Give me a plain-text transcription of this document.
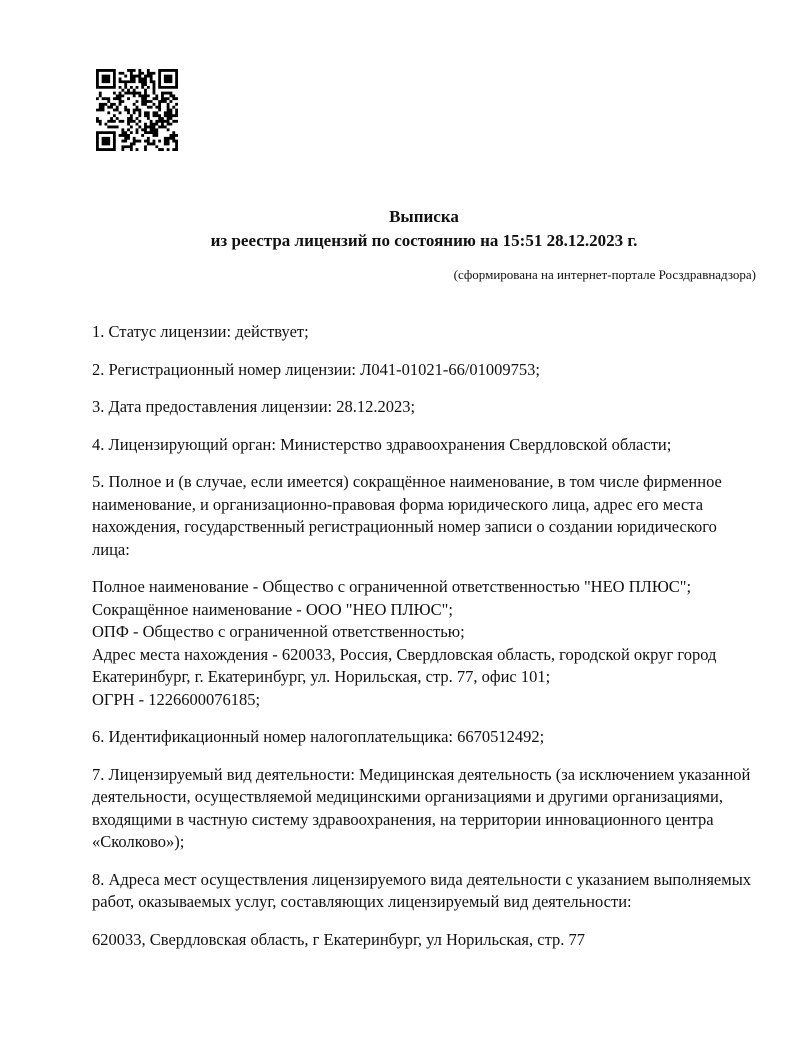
Выписка
из реестра лицензий по состоянию на 15:51 28.12.2023 г.
(сформирована на интернет-портале Росздравнадзора)

1. Статус лицензии: действует;

2. Регистрационный номер лицензии: Л041-01021-66/01009753;

3. Дата предоставления лицензии: 28.12.2023;

4. Лицензирующий орган: Министерство здравоохранения Свердловской области;

5. Полное и (в случае, если имеется) сокращённое наименование, в том числе фирменное наименование, и организационно-правовая форма юридического лица, адрес его места нахождения, государственный регистрационный номер записи о создании юридического лица:

Полное наименование - Общество с ограниченной ответственностью "НЕО ПЛЮС";
Сокращённое наименование - ООО "НЕО ПЛЮС";
ОПФ - Общество с ограниченной ответственностью;
Адрес места нахождения - 620033, Россия, Свердловская область, городской округ город Екатеринбург, г. Екатеринбург, ул. Норильская, стр. 77, офис 101;
ОГРН - 1226600076185;

6. Идентификационный номер налогоплательщика: 6670512492;

7. Лицензируемый вид деятельности: Медицинская деятельность (за исключением указанной деятельности, осуществляемой медицинскими организациями и другими организациями, входящими в частную систему здравоохранения, на территории инновационного центра «Сколково»);

8. Адреса мест осуществления лицензируемого вида деятельности с указанием выполняемых работ, оказываемых услуг, составляющих лицензируемый вид деятельности:

620033, Свердловская область, г Екатеринбург, ул Норильская, стр. 77
